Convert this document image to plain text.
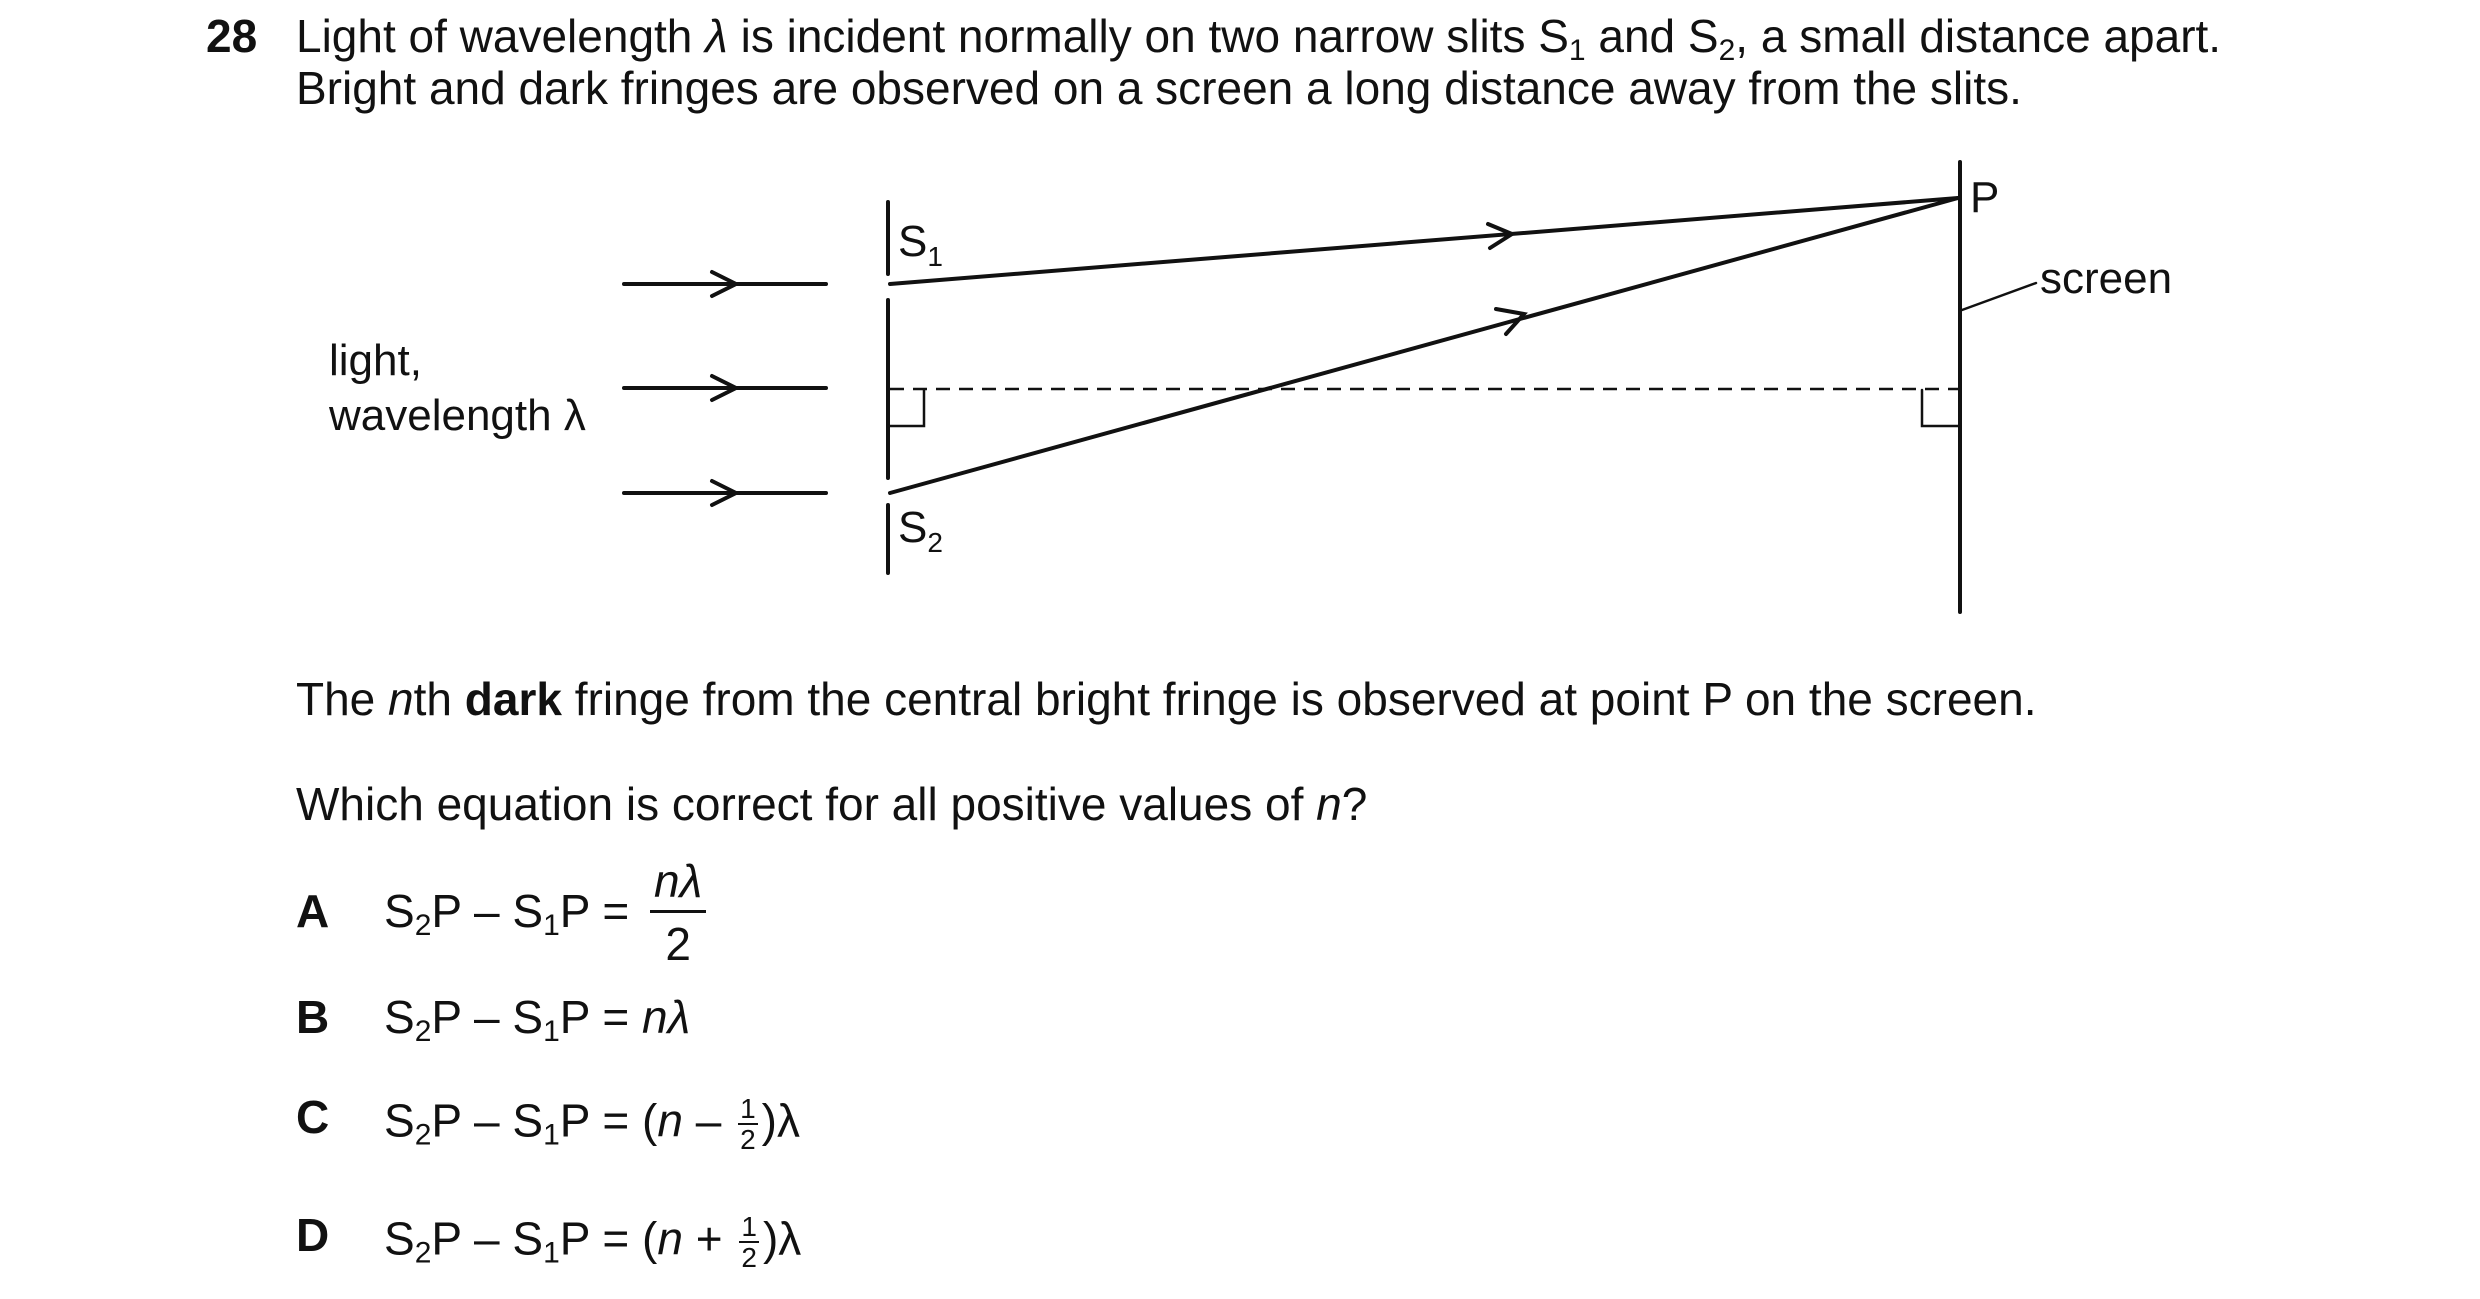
28 Light of wavelength λ is incident normally on two narrow slits $S_1$ and $S_2$, a small distance apart.
Bright and dark fringes are observed on a screen a long distance away from the slits.
light,
wavelength λ
$S_1$
$S_2$
P
screen
The nth dark fringe from the central bright fringe is observed at point P on the screen.
Which equation is correct for all positive values of n?
A $S_2P - S_1P = \frac{n\lambda}{2}$
B $S_2P - S_1P = n\lambda$
C $S_2P - S_1P = (n - \frac{1}{2} )\lambda$
D $S_2P - S_1P = (n + \frac{1}{2} )\lambda$
